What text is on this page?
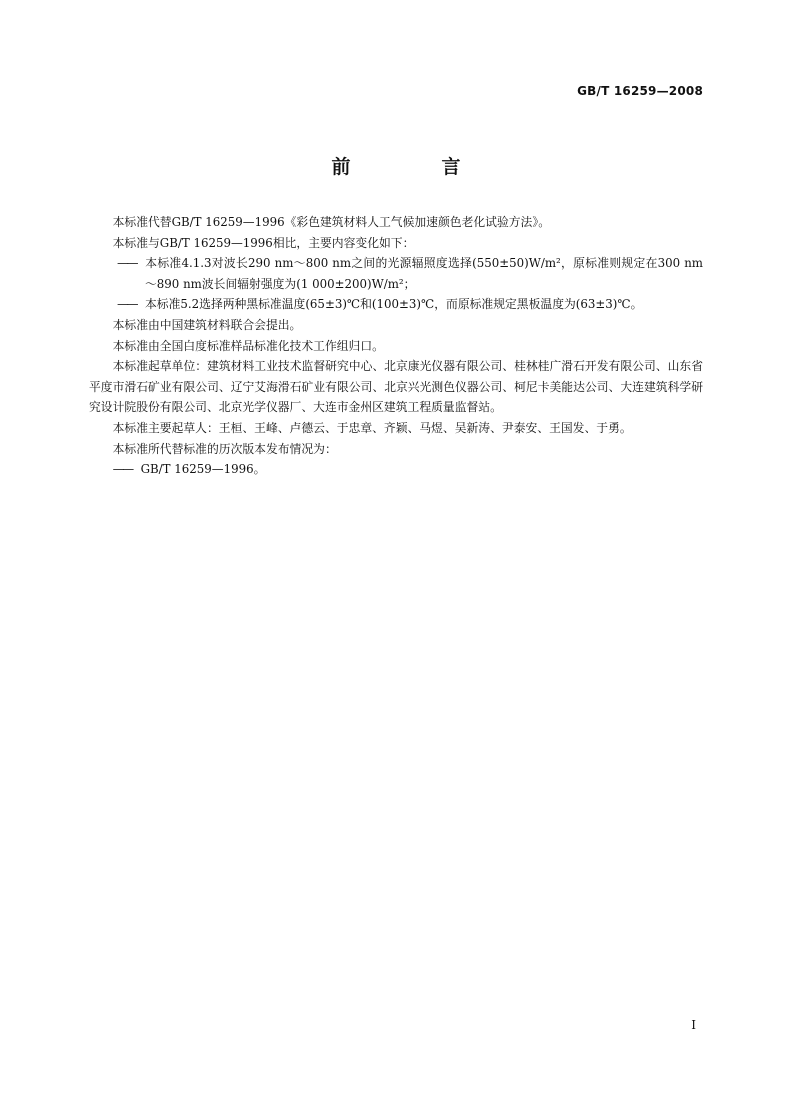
GB/T 16259—2008
前　言

本标准代替GB/T 16259—1996《彩色建筑材料人工气候加速颜色老化试验方法》。

本标准与GB/T 16259—1996相比，主要内容变化如下：

—— 本标准4.1.3对波长290 nm～800 nm之间的光源辐照度选择(550±50)W/m²，原标准则规定在300 nm～890 nm波长间辐射强度为(1 000±200)W/m²；

—— 本标准5.2选择两种黑标准温度(65±3)℃和(100±3)℃，而原标准规定黑板温度为(63±3)℃。

本标准由中国建筑材料联合会提出。

本标准由全国白度标准样品标准化技术工作组归口。

本标准起草单位：建筑材料工业技术监督研究中心、北京康光仪器有限公司、桂林桂广滑石开发有限公司、山东省平度市滑石矿业有限公司、辽宁艾海滑石矿业有限公司、北京兴光测色仪器公司、柯尼卡美能达公司、大连建筑科学研究设计院股份有限公司、北京光学仪器厂、大连市金州区建筑工程质量监督站。

本标准主要起草人：王桓、王峰、卢德云、于忠章、齐颖、马煜、吴新涛、尹泰安、王国发、于勇。

本标准所代替标准的历次版本发布情况为：

—— GB/T 16259—1996。

I
